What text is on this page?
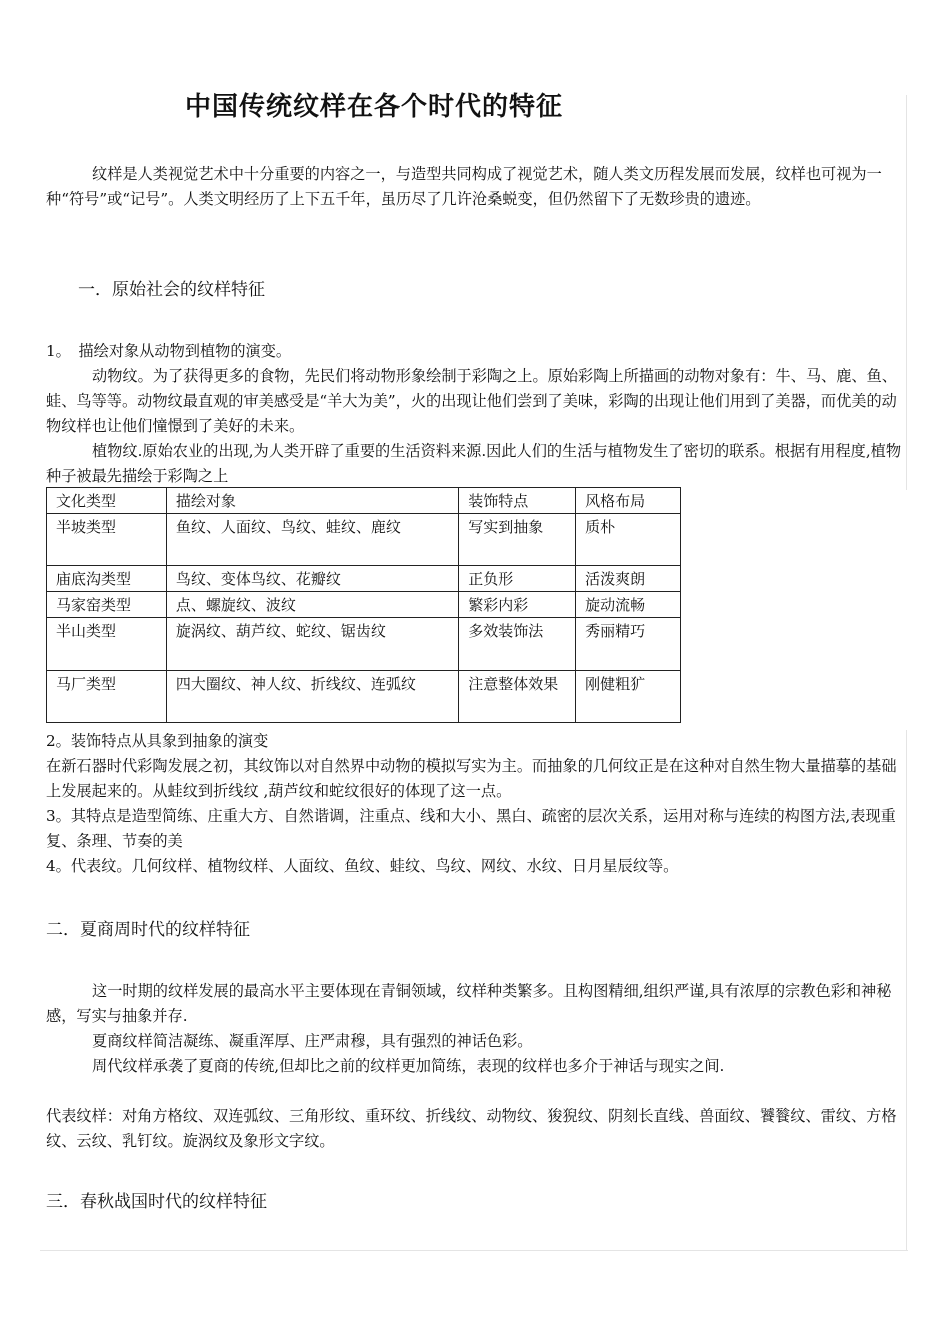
中国传统纹样在各个时代的特征
纹样是人类视觉艺术中十分重要的内容之一，与造型共同构成了视觉艺术，随人类文历程发展而发展，纹样也可视为一种“符号”或“记号”。人类文明经历了上下五千年，虽历尽了几许沧桑蜕变，但仍然留下了无数珍贵的遗迹。
一．原始社会的纹样特征
1。　描绘对象从动物到植物的演变。
动物纹。为了获得更多的食物，先民们将动物形象绘制于彩陶之上。原始彩陶上所描画的动物对象有：牛、马、鹿、鱼、蛙、鸟等等。动物纹最直观的审美感受是“羊大为美”，火的出现让他们尝到了美味，彩陶的出现让他们用到了美器，而优美的动物纹样也让他们憧憬到了美好的未来。
植物纹.原始农业的出现,为人类开辟了重要的生活资料来源.因此人们的生活与植物发生了密切的联系。根据有用程度,植物种子被最先描绘于彩陶之上
文化类型	描绘对象	装饰特点	风格布局
半坡类型	鱼纹、人面纹、鸟纹、蛙纹、鹿纹	写实到抽象	质朴
庙底沟类型	鸟纹、变体鸟纹、花瓣纹	正负形	活泼爽朗
马家窑类型	点、螺旋纹、波纹	繁彩内彩	旋动流畅
半山类型	旋涡纹、葫芦纹、蛇纹、锯齿纹	多效装饰法	秀丽精巧
马厂类型	四大圈纹、神人纹、折线纹、连弧纹	注意整体效果	刚健粗犷
2。装饰特点从具象到抽象的演变
在新石器时代彩陶发展之初，其纹饰以对自然界中动物的模拟写实为主。而抽象的几何纹正是在这种对自然生物大量描摹的基础上发展起来的。从蛙纹到折线纹 ,葫芦纹和蛇纹很好的体现了这一点。
3。其特点是造型简练、庄重大方、自然谐调，注重点、线和大小、黑白、疏密的层次关系，运用对称与连续的构图方法,表现重复、条理、节奏的美
4。代表纹。几何纹样、植物纹样、人面纹、鱼纹、蛙纹、鸟纹、网纹、水纹、日月星辰纹等。
二．夏商周时代的纹样特征
这一时期的纹样发展的最高水平主要体现在青铜领域，纹样种类繁多。且构图精细,组织严谨,具有浓厚的宗教色彩和神秘感，写实与抽象并存.
夏商纹样简洁凝练、凝重浑厚、庄严肃穆，具有强烈的神话色彩。
周代纹样承袭了夏商的传统,但却比之前的纹样更加简练，表现的纹样也多介于神话与现实之间.
代表纹样：对角方格纹、双连弧纹、三角形纹、重环纹、折线纹、动物纹、狻猊纹、阴刻长直线、兽面纹、饕餮纹、雷纹、方格纹、云纹、乳钉纹。旋涡纹及象形文字纹。
三．春秋战国时代的纹样特征
